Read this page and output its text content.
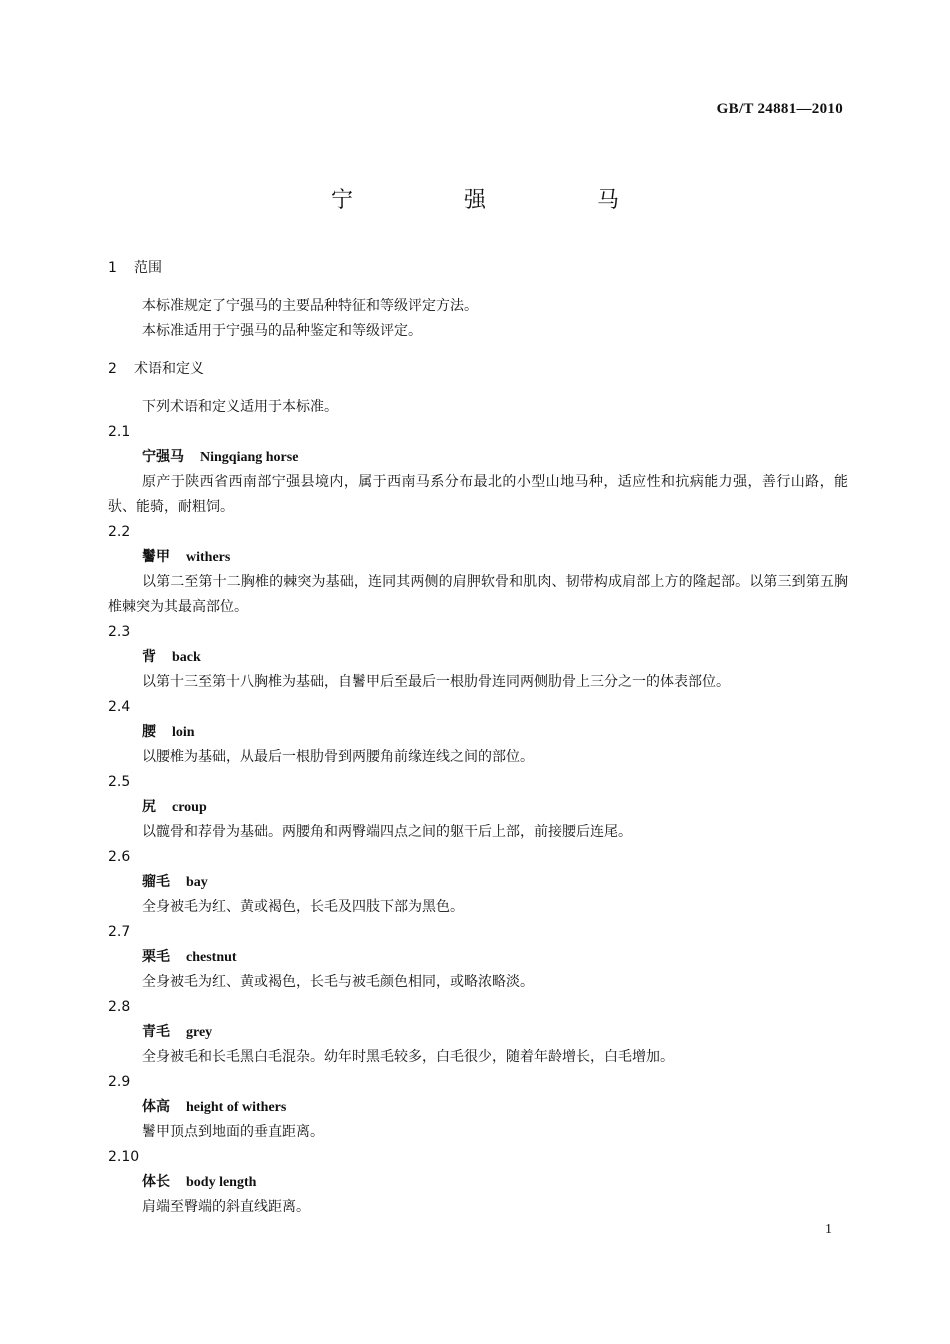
GB/T 24881—2010
宁 强 马
1 范围
本标准规定了宁强马的主要品种特征和等级评定方法。
本标准适用于宁强马的品种鉴定和等级评定。
2 术语和定义
下列术语和定义适用于本标准。
2.1
宁强马 Ningqiang horse
原产于陕西省西南部宁强县境内，属于西南马系分布最北的小型山地马种，适应性和抗病能力强，善行山路，能驮、能骑，耐粗饲。
2.2
鬐甲 withers
以第二至第十二胸椎的棘突为基础，连同其两侧的肩胛软骨和肌肉、韧带构成肩部上方的隆起部。以第三到第五胸椎棘突为其最高部位。
2.3
背 back
以第十三至第十八胸椎为基础，自鬐甲后至最后一根肋骨连同两侧肋骨上三分之一的体表部位。
2.4
腰 loin
以腰椎为基础，从最后一根肋骨到两腰角前缘连线之间的部位。
2.5
尻 croup
以髋骨和荐骨为基础。两腰角和两臀端四点之间的躯干后上部，前接腰后连尾。
2.6
骝毛 bay
全身被毛为红、黄或褐色，长毛及四肢下部为黑色。
2.7
栗毛 chestnut
全身被毛为红、黄或褐色，长毛与被毛颜色相同，或略浓略淡。
2.8
青毛 grey
全身被毛和长毛黑白毛混杂。幼年时黑毛较多，白毛很少，随着年龄增长，白毛增加。
2.9
体高 height of withers
鬐甲顶点到地面的垂直距离。
2.10
体长 body length
肩端至臀端的斜直线距离。
1
